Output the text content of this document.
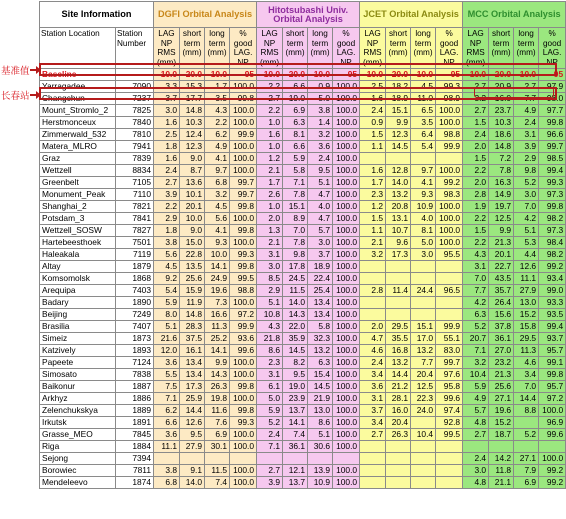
基准值
长春站
Site Information		DGFI Orbital Analysis				Hitotsubashi Univ. Orbital Analysis				JCET Orbital Analysis				MCC Orbital Analysis			
Station Location	Station Number	LAG NP RMS (mm)	short term (mm)	long term (mm)	% good LAG. NP	LAG NP RMS (mm)	short term (mm)	long term (mm)	% good LAG. NP	LAG NP RMS (mm)	short term (mm)	long term (mm)	% good LAG. NP	LAG NP RMS (mm)	short term (mm)	long term (mm)	% good LAG. NP
Baseline		10.0	20.0	10.0	95	10.0	20.0	10.0	95	10.0	20.0	10.0	95	10.0	20.0	10.0	95
Yarragadee	7090	3.3	15.3	1.7	100.0	2.2	6.6	0.9	100.0	2.5	18.2	4.5	99.3	2.7	20.9	2.7	97.9
Changchun	7237	3.7	17.7	3.5	99.8	2.7	19.0	5.0	100.0	1.6	18.9	11.0	98.9	3.2	16.0	7.7	98.0
Mount_Stromlo_2	7825	3.0	14.8	4.3	100.0	2.2	6.9	3.8	100.0	2.4	15.1	6.5	100.0	2.7	23.7	4.9	97.7
Herstmonceux	7840	1.6	10.3	2.2	100.0	1.0	6.3	1.4	100.0	0.9	9.9	3.5	100.0	1.5	10.3	2.4	99.8
Zimmerwald_532	7810	2.5	12.4	6.2	99.9	1.6	8.1	3.2	100.0	1.5	12.3	6.4	98.8	2.4	18.6	3.1	96.6
Matera_MLRO	7941	1.8	12.3	4.9	100.0	1.0	6.6	3.6	100.0	1.1	14.5	5.4	99.9	2.0	14.8	3.9	99.7
Graz	7839	1.6	9.0	4.1	100.0	1.2	5.9	2.4	100.0					1.5	7.2	2.9	98.5
Wettzell	8834	2.4	8.7	9.7	100.0	2.1	5.8	9.5	100.0	1.6	12.8	9.7	100.0	2.2	7.8	9.8	99.4
Greenbelt	7105	2.7	13.6	6.8	99.7	1.7	7.1	5.1	100.0	1.7	14.0	4.1	99.2	2.0	16.3	5.2	99.3
Monument_Peak	7110	3.9	10.1	3.2	99.7	2.6	7.8	4.7	100.0	2.3	13.2	9.3	98.3	2.8	14.9	3.0	97.3
Shanghai_2	7821	2.2	20.1	4.5	99.8	1.0	15.1	4.0	100.0	1.2	20.8	10.9	100.0	1.9	19.7	7.0	99.8
Potsdam_3	7841	2.9	10.0	5.6	100.0	2.0	8.9	4.7	100.0	1.5	13.1	4.0	100.0	2.2	12.5	4.2	98.2
Wettzell_SOSW	7827	1.8	9.0	4.1	99.8	1.3	7.0	5.7	100.0	1.1	10.7	8.1	100.0	1.5	9.9	5.1	97.3
Hartebeesthoek	7501	3.8	15.0	9.3	100.0	2.1	7.8	3.0	100.0	2.1	9.6	5.0	100.0	2.2	21.3	5.3	98.4
Haleakala	7119	5.6	22.8	10.0	99.3	3.1	9.8	3.7	100.0	3.2	17.3	3.0	95.5	4.3	20.1	4.4	98.2
Altay	1879	4.5	13.5	14.1	99.8	3.0	17.8	18.9	100.0					3.1	22.7	12.6	99.2
Komsomolsk	1868	9.2	25.6	24.9	99.5	8.5	24.5	22.4	100.0					7.0	43.5	11.1	93.4
Arequipa	7403	5.4	15.9	19.6	98.8	2.9	11.5	25.4	100.0	2.8	11.4	24.4	96.5	7.7	35.7	27.9	99.0
Badary	1890	5.9	11.9	7.3	100.0	5.1	14.0	13.4	100.0					4.2	26.4	13.0	93.3
Beijing	7249	8.0	14.8	16.6	97.2	10.8	14.3	13.4	100.0					6.3	15.6	15.2	93.5
Brasilia	7407	5.1	28.3	11.3	99.9	4.3	22.0	5.8	100.0	2.0	29.5	15.1	99.9	5.2	37.8	15.8	99.4
Simeiz	1873	21.6	37.5	25.2	93.6	21.8	35.9	32.3	100.0	4.7	35.5	17.0	55.1	20.7	36.1	29.5	93.7
Katzively	1893	12.0	16.1	14.1	99.6	8.6	14.5	13.2	100.0	4.6	16.8	13.2	83.0	7.1	27.0	11.3	95.7
Papeete	7124	3.6	13.4	9.9	100.0	2.3	8.2	6.3	100.0	2.4	13.2	7.7	99.7	3.2	23.2	4.6	99.1
Simosato	7838	5.5	13.4	14.3	100.0	3.1	9.5	15.4	100.0	3.4	14.4	20.4	97.6	10.4	21.3	3.4	99.8
Baikonur	1887	7.5	17.3	26.3	99.8	6.1	19.0	14.5	100.0	3.6	21.2	12.5	95.8	5.9	25.6	7.0	95.7
Arkhyz	1886	7.1	25.9	19.8	100.0	5.0	23.9	21.9	100.0	3.1	28.1	22.3	99.6	4.9	27.1	14.4	97.2
Zelenchukskya	1889	6.2	14.4	11.6	99.8	5.9	13.7	13.0	100.0	3.7	16.0	24.0	97.4	5.7	19.6	8.8	100.0
Irkutsk	1891	6.6	12.6	7.6	99.3	5.2	14.1	8.6	100.0	3.4	20.4		92.8	4.8	15.2		96.9
Grasse_MEO	7845	3.6	9.5	6.9	100.0	2.4	7.4	5.1	100.0	2.7	26.3	10.4	99.5	2.7	18.7	5.2	99.6
Riga	1884	11.1	27.9	30.1	100.0	7.1	36.1	30.6	100.0								
Sejong	7394													2.4	14.2	27.1	100.0
Borowiec	7811	3.8	9.1	11.5	100.0	2.7	12.1	13.9	100.0					3.0	11.8	7.9	99.2
Mendeleevo	1874	6.8	14.0	7.4	100.0	3.9	13.7	10.9	100.0					4.8	21.1	6.9	99.2
